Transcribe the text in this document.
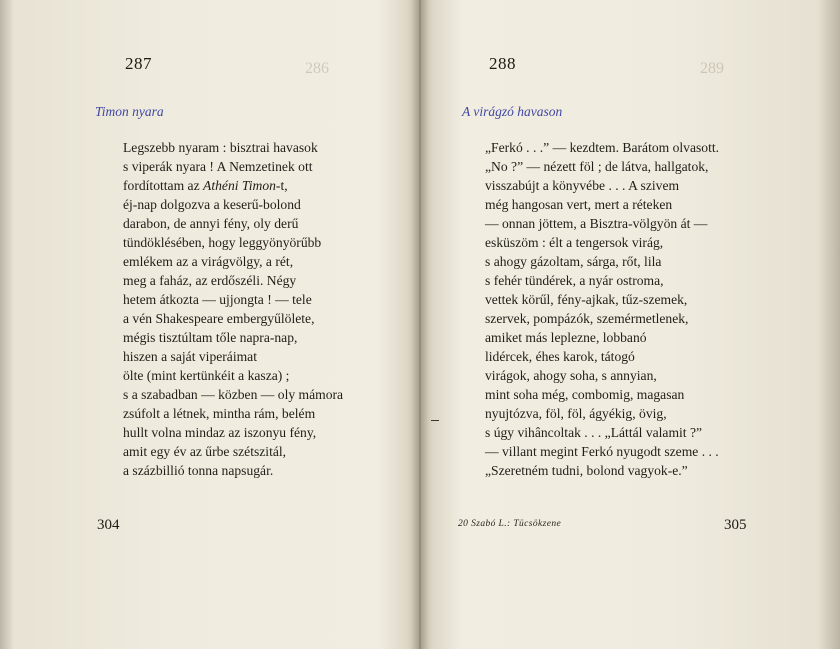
286
287
Timon nyara
Legszebb nyaram : bisztrai havasok
s viperák nyara ! A Nemzetinek ott
fordítottam az Athéni Timon-t,
éj-nap dolgozva a keserű-bolond
darabon, de annyi fény, oly derű
tündöklésében, hogy leggyönyörűbb
emlékem az a virágvölgy, a rét,
meg a faház, az erdőszéli. Négy
hetem átkozta — ujjongta ! — tele
a vén Shakespeare embergyűlölete,
mégis tisztúltam tőle napra-nap,
hiszen a saját viperáimat
ölte (mint kertünkéit a kasza) ;
s a szabadban — közben — oly mámora
zsúfolt a létnek, mintha rám, belém
hullt volna mindaz az iszonyu fény,
amit egy év az űrbe szétszitál,
a százbillió tonna napsugár.
304
289
288
A virágzó havason
„Ferkó . . .” — kezdtem. Barátom olvasott.
„No ?” — nézett föl ; de látva, hallgatok,
visszabújt a könyvébe . . . A szivem
még hangosan vert, mert a réteken
— onnan jöttem, a Bisztra-völgyön át —
esküszöm : élt a tengersok virág,
s ahogy gázoltam, sárga, rőt, lila
s fehér tündérek, a nyár ostroma,
vettek körűl, fény-ajkak, tűz-szemek,
szervek, pompázók, szemérmetlenek,
amiket más leplezne, lobbanó
lidércek, éhes karok, tátogó
virágok, ahogy soha, s annyian,
mint soha még, combomig, magasan
nyujtózva, föl, föl, ágyékig, övig,
s úgy vihâncoltak . . . „Láttál valamit ?”
— villant megint Ferkó nyugodt szeme . . .
„Szeretném tudni, bolond vagyok-e.”
20 Szabó L.: Tücsökzene	305
